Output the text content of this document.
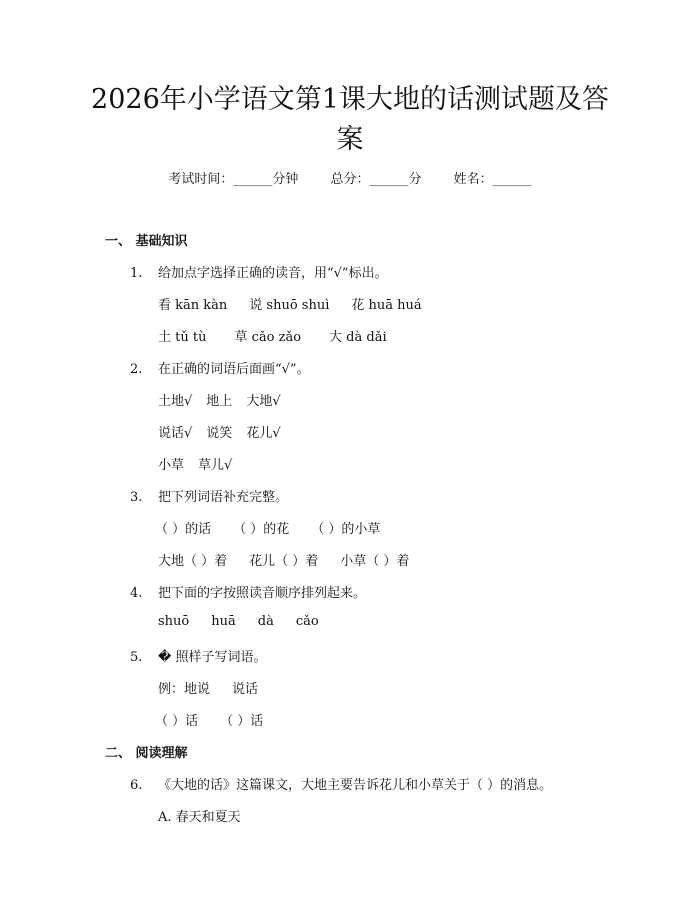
2026年小学语文第1课大地的话测试题及答案
考试时间：______分钟 总分：______分 姓名：______
一、 基础知识
1. 给加点字选择正确的读音，用“√”标出。
看 kān kàn 说 shuō shuì 花 huā huá
土 tǔ tù 草 cǎo zǎo 大 dà dǎi
2. 在正确的词语后面画“√”。
土地√ 地上 大地√
说话√ 说笑 花儿√
小草 草儿√
3. 把下列词语补充完整。
（ ）的话 （ ）的花 （ ）的小草
大地（ ）着 花儿（ ）着 小草（ ）着
4. 把下面的字按照读音顺序排列起来。
shuō huā dà cǎo
5. � 照样子写词语。
例：地说 说话
（ ）话 （ ）话
二、 阅读理解
6. 《大地的话》这篇课文，大地主要告诉花儿和小草关于（ ）的消息。
A. 春天和夏天
